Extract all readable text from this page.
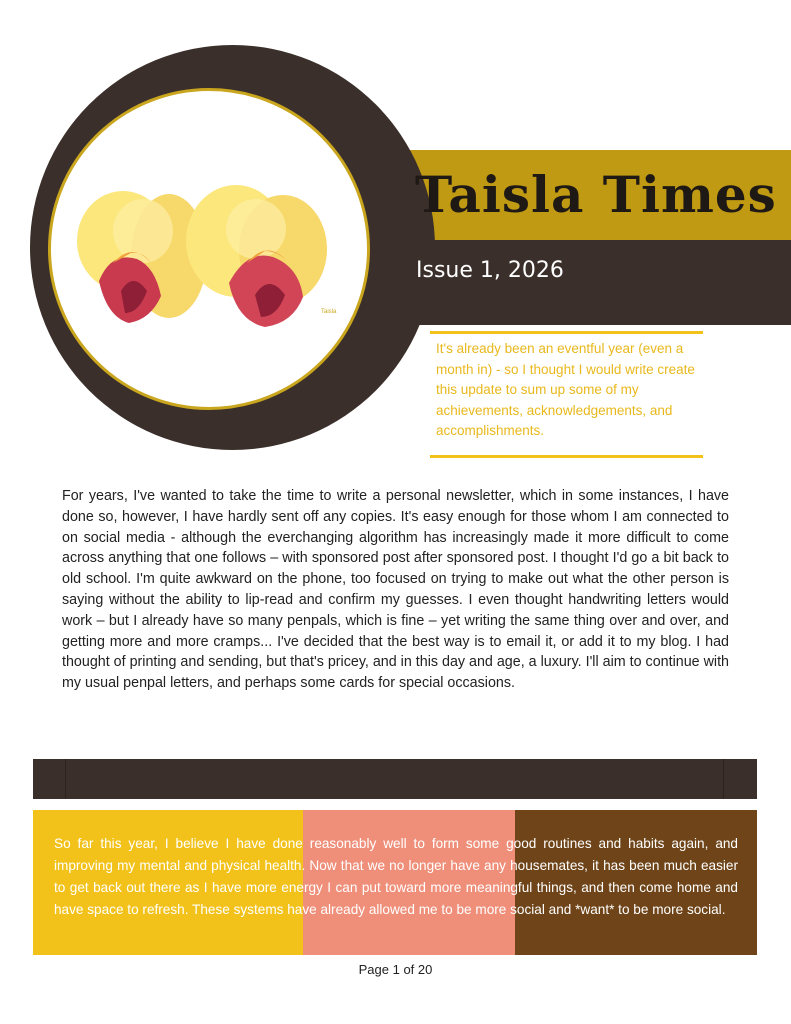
Taisla
Taisla Times
Issue 1, 2026
It's already been an eventful year (even a month in) - so I thought I would write create this update to sum up some of my achievements, acknowledgements, and accomplishments.
For years, I've wanted to take the time to write a personal newsletter, which in some instances, I have done so, however, I have hardly sent off any copies. It's easy enough for those whom I am connected to on social media - although the everchanging algorithm has increasingly made it more difficult to come across anything that one follows – with sponsored post after sponsored post. I thought I'd go a bit back to old school. I'm quite awkward on the phone, too focused on trying to make out what the other person is saying without the ability to lip-read and confirm my guesses. I even thought handwriting letters would work – but I already have so many penpals, which is fine – yet writing the same thing over and over, and getting more and more cramps... I've decided that the best way is to email it, or add it to my blog. I had thought of printing and sending, but that's pricey, and in this day and age, a luxury. I'll aim to continue with my usual penpal letters, and perhaps some cards for special occasions.
So far this year, I believe I have done reasonably well to form some good routines and habits again, and improving my mental and physical health. Now that we no longer have any housemates, it has been much easier to get back out there as I have more energy I can put toward more meaningful things, and then come home and have space to refresh. These systems have already allowed me to be more social and *want* to be more social.
Page 1 of 20
